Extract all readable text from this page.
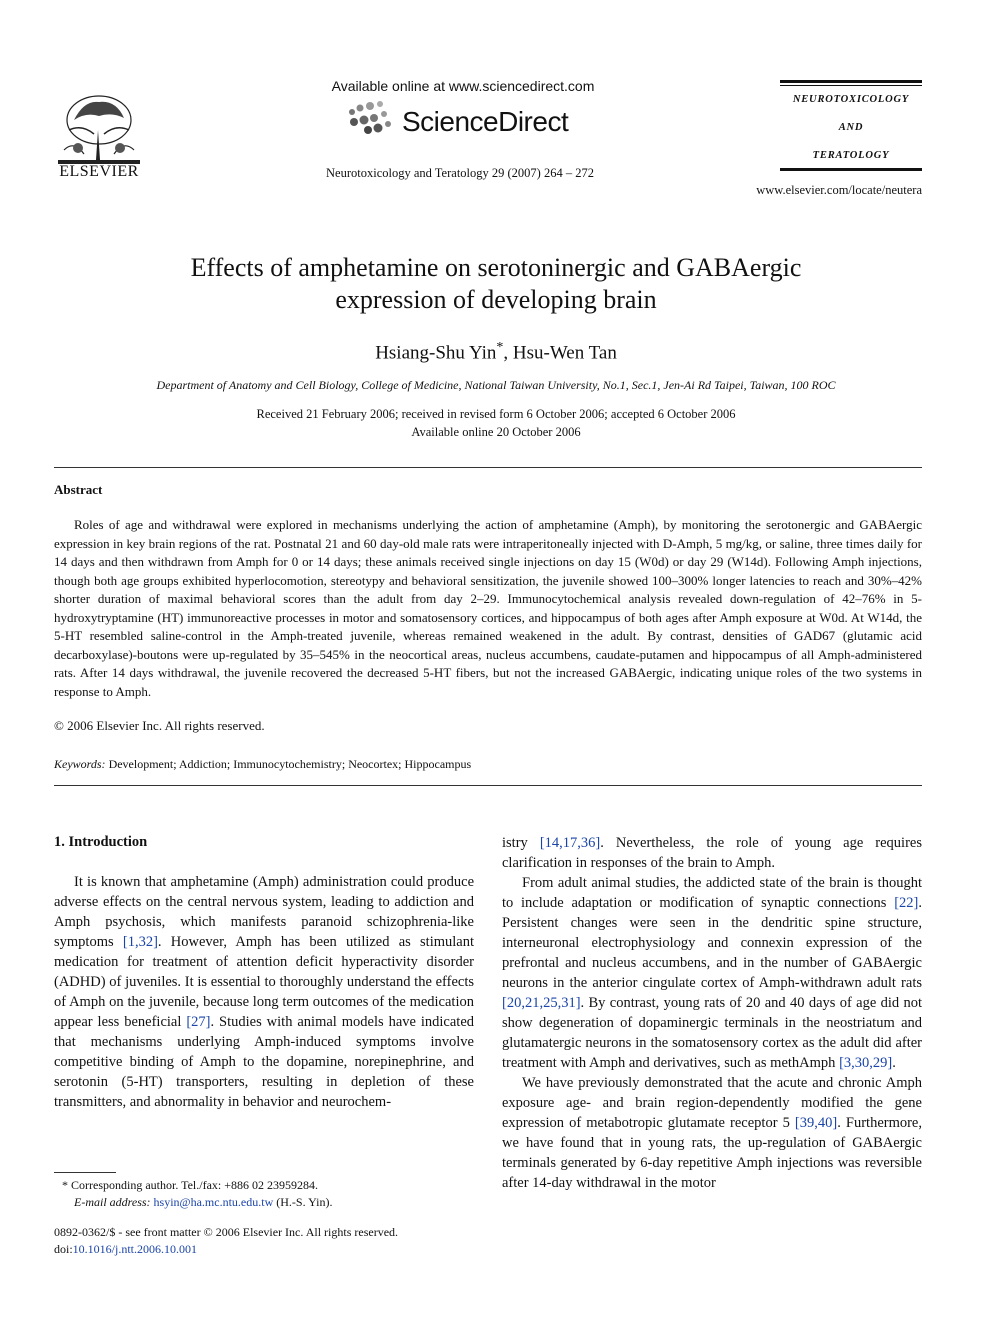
ELSEVIER
Available online at www.sciencedirect.com
ScienceDirect
Neurotoxicology and Teratology 29 (2007) 264 – 272
NEUROTOXICOLOGY
AND
TERATOLOGY
www.elsevier.com/locate/neutera
Effects of amphetamine on serotoninergic and GABAergic
expression of developing brain
Hsiang-Shu Yin*, Hsu-Wen Tan
Department of Anatomy and Cell Biology, College of Medicine, National Taiwan University, No.1, Sec.1, Jen-Ai Rd Taipei, Taiwan, 100 ROC
Received 21 February 2006; received in revised form 6 October 2006; accepted 6 October 2006
Available online 20 October 2006
Abstract

Roles of age and withdrawal were explored in mechanisms underlying the action of amphetamine (Amph), by monitoring the serotonergic and GABAergic expression in key brain regions of the rat. Postnatal 21 and 60 day-old male rats were intraperitoneally injected with D-Amph, 5 mg/kg, or saline, three times daily for 14 days and then withdrawn from Amph for 0 or 14 days; these animals received single injections on day 15 (W0d) or day 29 (W14d). Following Amph injections, though both age groups exhibited hyperlocomotion, stereotypy and behavioral sensitization, the juvenile showed 100–300% longer latencies to reach and 30%–42% shorter duration of maximal behavioral scores than the adult from day 2–29. Immunocytochemical analysis revealed down-regulation of 42–76% in 5-hydroxytryptamine (HT) immunoreactive processes in motor and somatosensory cortices, and hippocampus of both ages after Amph exposure at W0d. At W14d, the 5-HT resembled saline-control in the Amph-treated juvenile, whereas remained weakened in the adult. By contrast, densities of GAD67 (glutamic acid decarboxylase)-boutons were up-regulated by 35–545% in the neocortical areas, nucleus accumbens, caudate-putamen and hippocampus of all Amph-administered rats. After 14 days withdrawal, the juvenile recovered the decreased 5-HT fibers, but not the increased GABAergic, indicating unique roles of the two systems in response to Amph.

© 2006 Elsevier Inc. All rights reserved.
Keywords: Development; Addiction; Immunocytochemistry; Neocortex; Hippocampus
1. Introduction

It is known that amphetamine (Amph) administration could produce adverse effects on the central nervous system, leading to addiction and Amph psychosis, which manifests paranoid schizophrenia-like symptoms [1,32]. However, Amph has been utilized as stimulant medication for treatment of attention deficit hyperactivity disorder (ADHD) of juveniles. It is essential to thoroughly understand the effects of Amph on the juvenile, because long term outcomes of the medication appear less beneficial [27]. Studies with animal models have indicated that mechanisms underlying Amph-induced symptoms involve competitive binding of Amph to the dopamine, norepinephrine, and serotonin (5-HT) transporters, resulting in depletion of these transmitters, and abnormality in behavior and neurochem-

istry [14,17,36]. Nevertheless, the role of young age requires clarification in responses of the brain to Amph.

From adult animal studies, the addicted state of the brain is thought to include adaptation or modification of synaptic connections [22]. Persistent changes were seen in the dendritic spine structure, interneuronal electrophysiology and connexin expression of the prefrontal and nucleus accumbens, and in the number of GABAergic neurons in the anterior cingulate cortex of Amph-withdrawn adult rats [20,21,25,31]. By contrast, young rats of 20 and 40 days of age did not show degeneration of dopaminergic terminals in the neostriatum and glutamatergic neurons in the somatosensory cortex as the adult did after treatment with Amph and derivatives, such as methAmph [3,30,29].

We have previously demonstrated that the acute and chronic Amph exposure age- and brain region-dependently modified the gene expression of metabotropic glutamate receptor 5 [39,40]. Furthermore, we have found that in young rats, the up-regulation of GABAergic terminals generated by 6-day repetitive Amph injections was reversible after 14-day withdrawal in the motor

* Corresponding author. Tel./fax: +886 02 23959284.
E-mail address: hsyin@ha.mc.ntu.edu.tw (H.-S. Yin).
0892-0362/$ - see front matter © 2006 Elsevier Inc. All rights reserved.
doi:10.1016/j.ntt.2006.10.001
